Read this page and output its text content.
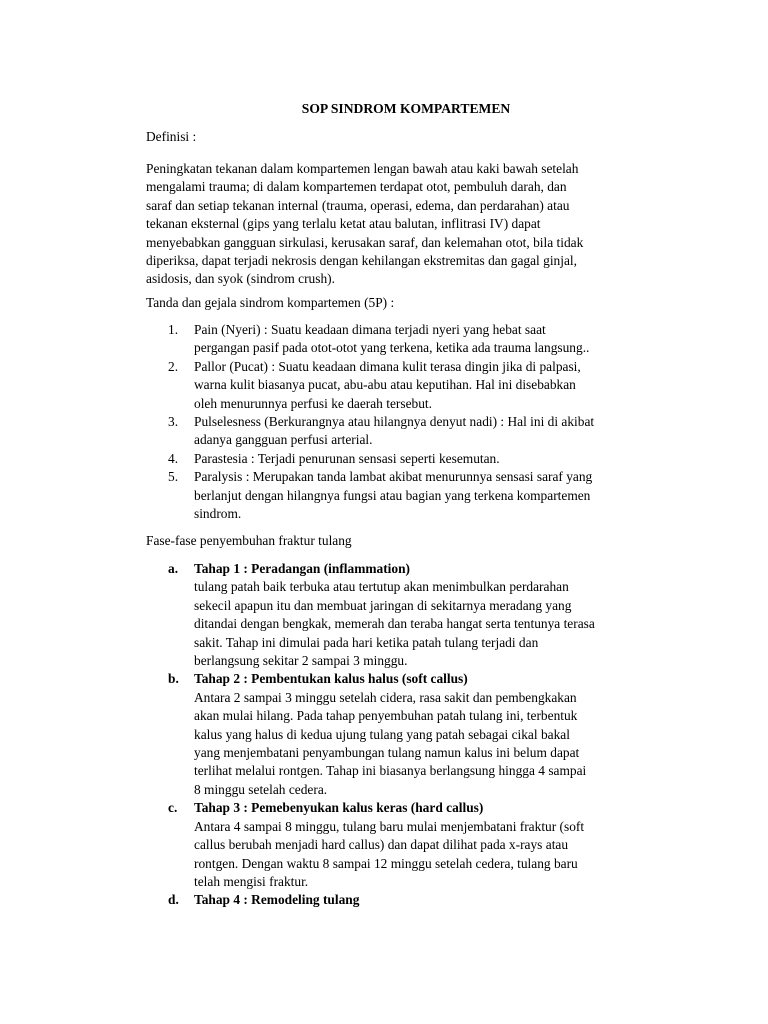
SOP SINDROM KOMPARTEMEN

Definisi :

Peningkatan tekanan dalam kompartemen lengan bawah atau kaki bawah setelah
mengalami trauma; di dalam kompartemen terdapat otot, pembuluh darah, dan
saraf dan setiap tekanan internal (trauma, operasi, edema, dan perdarahan) atau
tekanan eksternal (gips yang terlalu ketat atau balutan, inflitrasi IV) dapat
menyebabkan gangguan sirkulasi, kerusakan saraf, dan kelemahan otot, bila tidak
diperiksa, dapat terjadi nekrosis dengan kehilangan ekstremitas dan gagal ginjal,
asidosis, dan syok (sindrom crush).

Tanda dan gejala sindrom kompartemen (5P) :

1. Pain (Nyeri) : Suatu keadaan dimana terjadi nyeri yang hebat saat
pergangan pasif pada otot-otot yang terkena, ketika ada trauma langsung..
2. Pallor (Pucat) : Suatu keadaan dimana kulit terasa dingin jika di palpasi,
warna kulit biasanya pucat, abu-abu atau keputihan. Hal ini disebabkan
oleh menurunnya perfusi ke daerah tersebut.
3. Pulselesness (Berkurangnya atau hilangnya denyut nadi) : Hal ini di akibat
adanya gangguan perfusi arterial.
4. Parastesia : Terjadi penurunan sensasi seperti kesemutan.
5. Paralysis : Merupakan tanda lambat akibat menurunnya sensasi saraf yang
berlanjut dengan hilangnya fungsi atau bagian yang terkena kompartemen
sindrom.

Fase-fase penyembuhan fraktur tulang

a. Tahap 1 : Peradangan (inflammation)
tulang patah baik terbuka atau tertutup akan menimbulkan perdarahan
sekecil apapun itu dan membuat jaringan di sekitarnya meradang yang
ditandai dengan bengkak, memerah dan teraba hangat serta tentunya terasa
sakit. Tahap ini dimulai pada hari ketika patah tulang terjadi dan
berlangsung sekitar 2 sampai 3 minggu.
b. Tahap 2 : Pembentukan kalus halus (soft callus)
Antara 2 sampai 3 minggu setelah cidera, rasa sakit dan pembengkakan
akan mulai hilang. Pada tahap penyembuhan patah tulang ini, terbentuk
kalus yang halus di kedua ujung tulang yang patah sebagai cikal bakal
yang menjembatani penyambungan tulang namun kalus ini belum dapat
terlihat melalui rontgen. Tahap ini biasanya berlangsung hingga 4 sampai
8 minggu setelah cedera.
c. Tahap 3 : Pemebenyukan kalus keras (hard callus)
Antara 4 sampai 8 minggu, tulang baru mulai menjembatani fraktur (soft
callus berubah menjadi hard callus) dan dapat dilihat pada x-rays atau
rontgen. Dengan waktu 8 sampai 12 minggu setelah cedera, tulang baru
telah mengisi fraktur.
d. Tahap 4 : Remodeling tulang
